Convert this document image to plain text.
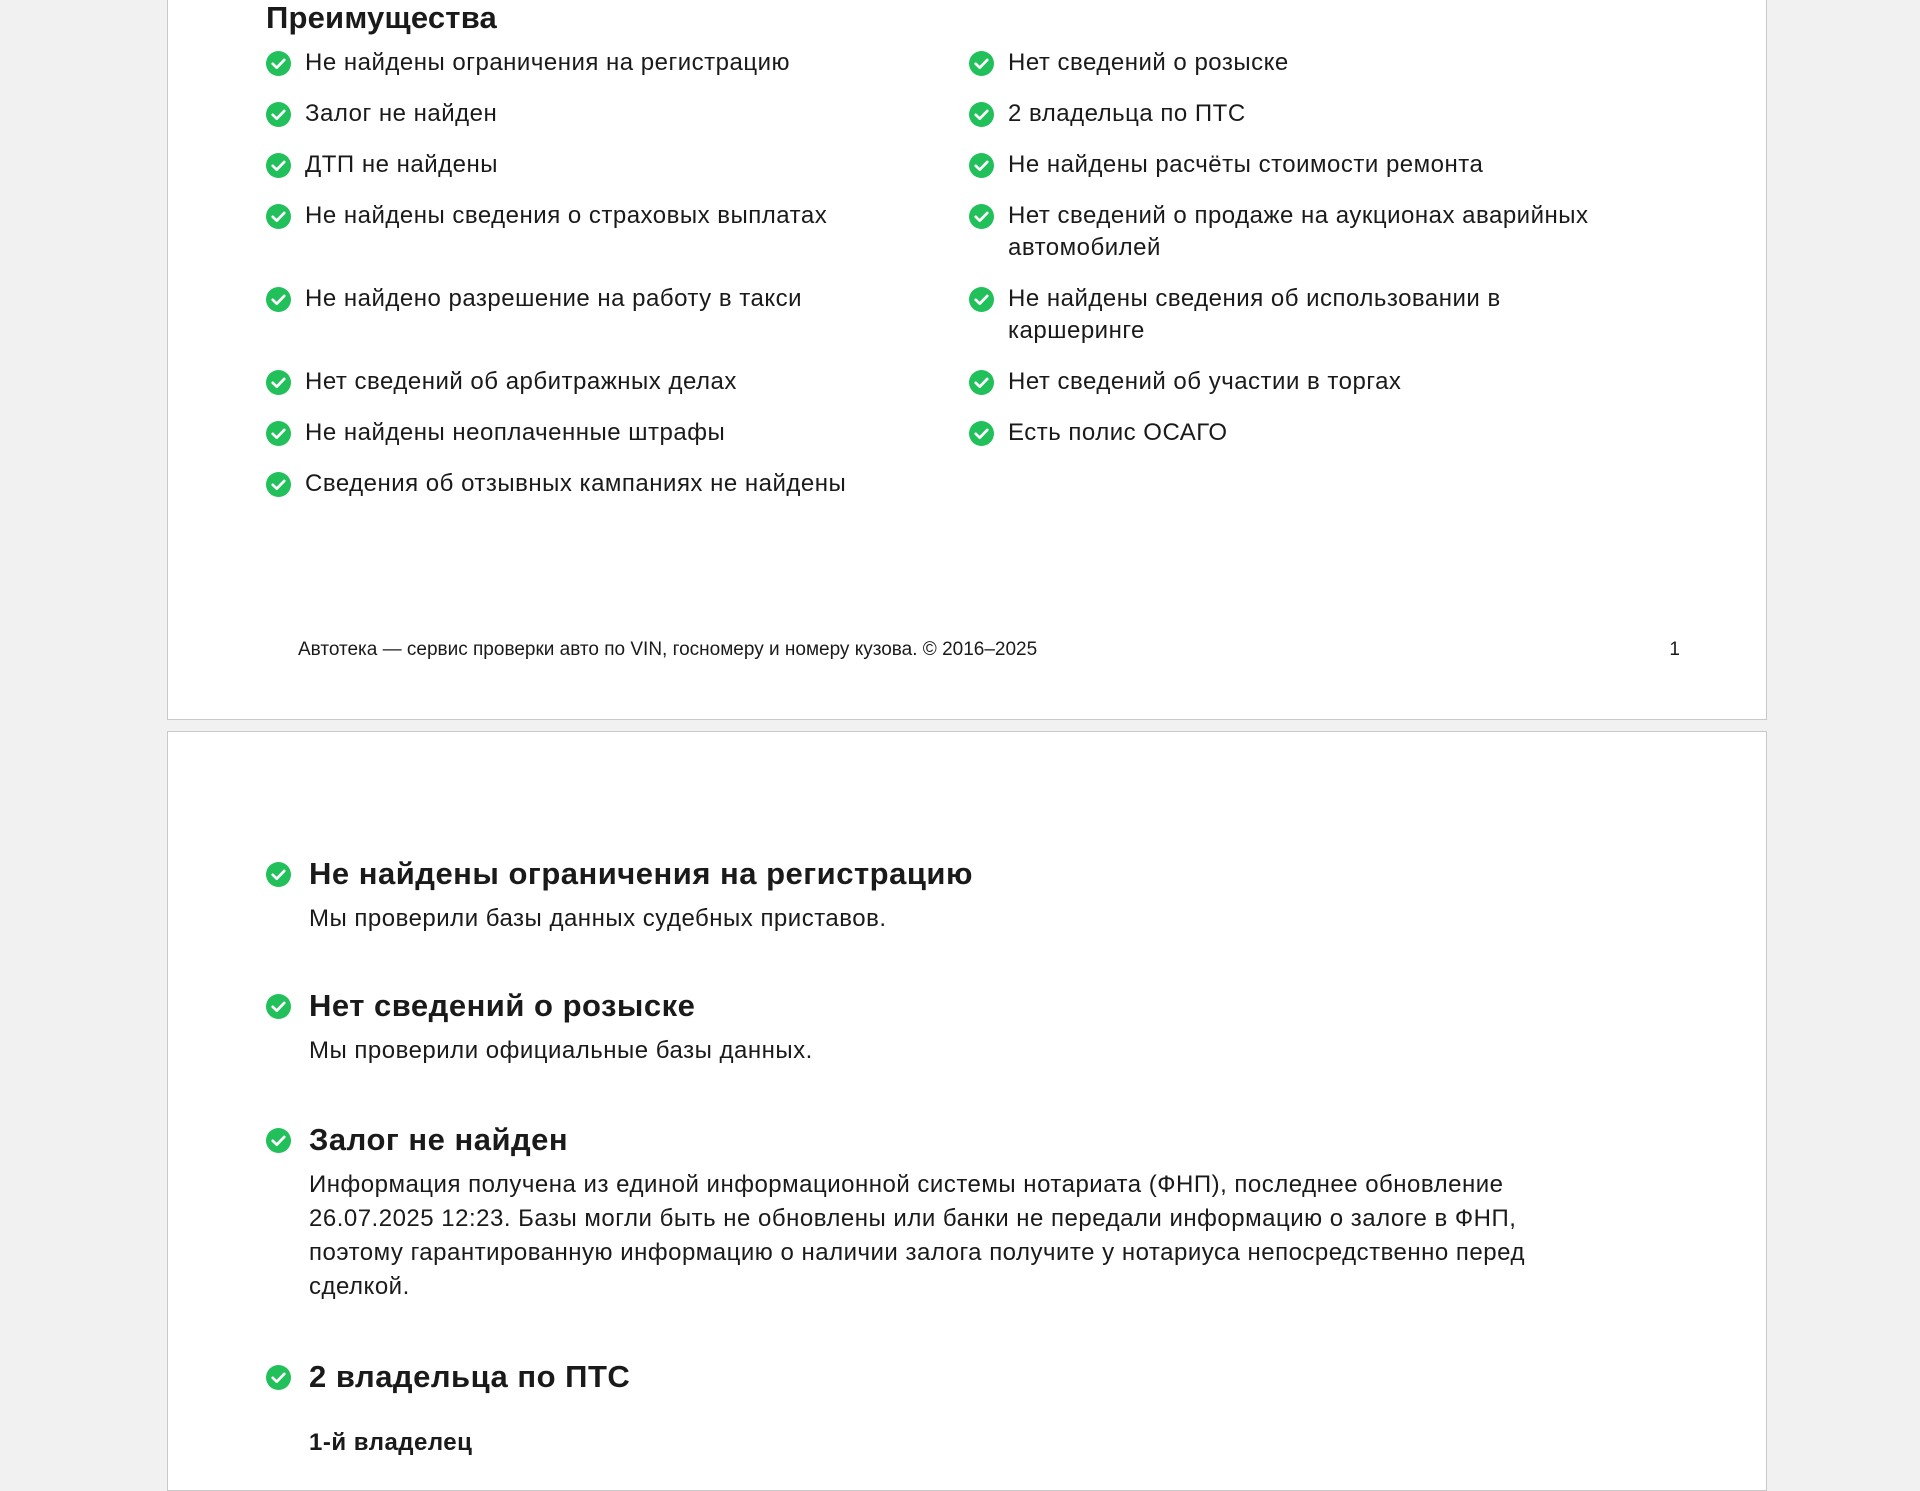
Преимущества
Не найдены ограничения на регистрацию	Нет сведений о розыске
Залог не найден	2 владельца по ПТС
ДТП не найдены	Не найдены расчёты стоимости ремонта
Не найдены сведения о страховых выплатах	Нет сведений о продаже на аукционах аварийных автомобилей
Не найдено разрешение на работу в такси	Не найдены сведения об использовании в каршеринге
Нет сведений об арбитражных делах	Нет сведений об участии в торгах
Не найдены неоплаченные штрафы	Есть полис ОСАГО
Сведения об отзывных кампаниях не найдены
Автотека — сервис проверки авто по VIN, госномеру и номеру кузова. © 2016–2025	1
Не найдены ограничения на регистрацию
Мы проверили базы данных судебных приставов.
Нет сведений о розыске
Мы проверили официальные базы данных.
Залог не найден
Информация получена из единой информационной системы нотариата (ФНП), последнее обновление 26.07.2025 12:23. Базы могли быть не обновлены или банки не передали информацию о залоге в ФНП, поэтому гарантированную информацию о наличии залога получите у нотариуса непосредственно перед сделкой.
2 владельца по ПТС
1-й владелец
